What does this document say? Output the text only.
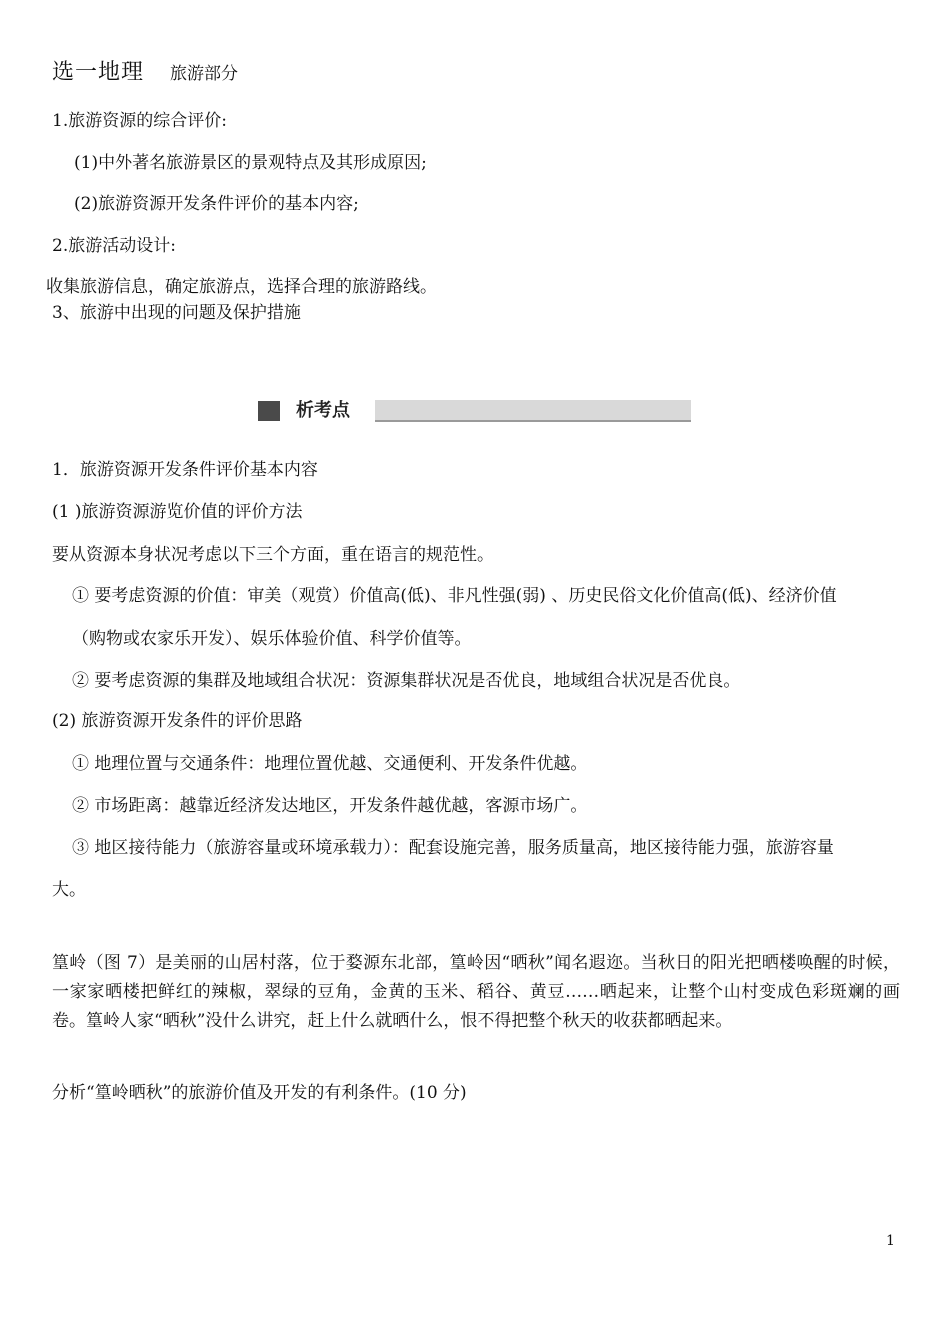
选一地理 旅游部分
1.旅游资源的综合评价:
(1)中外著名旅游景区的景观特点及其形成原因;
(2)旅游资源开发条件评价的基本内容;
2.旅游活动设计:
收集旅游信息，确定旅游点，选择合理的旅游路线。
3、旅游中出现的问题及保护措施
析考点
1．旅游资源开发条件评价基本内容
(1 )旅游资源游览价值的评价方法
要从资源本身状况考虑以下三个方面，重在语言的规范性。
① 要考虑资源的价值：审美（观赏）价值高(低)、非凡性强(弱) 、历史民俗文化价值高(低)、经济价值
（购物或农家乐开发）、娱乐体验价值、科学价值等。
② 要考虑资源的集群及地域组合状况：资源集群状况是否优良，地域组合状况是否优良。
(2) 旅游资源开发条件的评价思路
① 地理位置与交通条件：地理位置优越、交通便利、开发条件优越。
② 市场距离：越靠近经济发达地区，开发条件越优越，客源市场广。
③ 地区接待能力（旅游容量或环境承载力）：配套设施完善，服务质量高，地区接待能力强，旅游容量
大。
篁岭（图 7）是美丽的山居村落，位于婺源东北部，篁岭因“晒秋”闻名遐迩。当秋日的阳光把晒楼唤醒的时候，一家家晒楼把鲜红的辣椒，翠绿的豆角，金黄的玉米、稻谷、黄豆……晒起来，让整个山村变成色彩斑斓的画卷。篁岭人家“晒秋”没什么讲究，赶上什么就晒什么，恨不得把整个秋天的收获都晒起来。
分析“篁岭晒秋”的旅游价值及开发的有利条件。(10 分)
1
